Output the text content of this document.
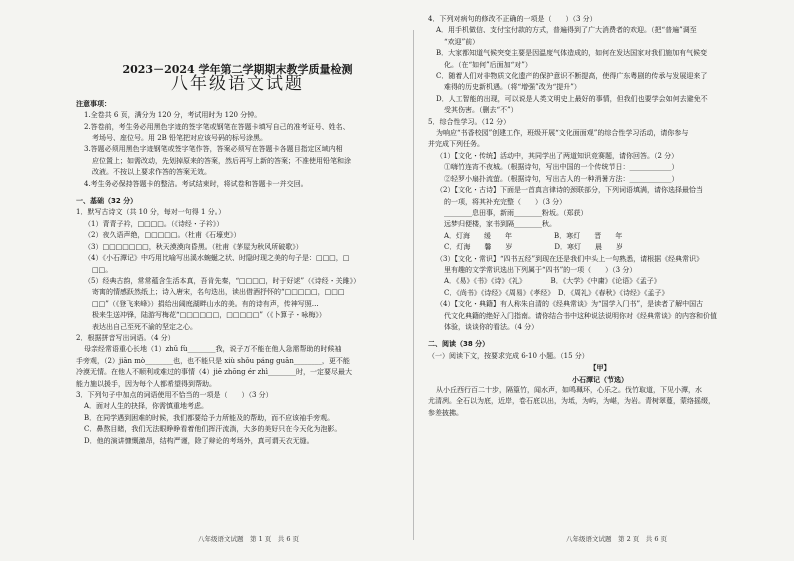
2023－2024 学年第二学期期末教学质量检测
八年级语文试题
注意事项：

1.全卷共 6 页，满分为 120 分，考试用时为 120 分钟。

2.答卷前，考生务必用黑色字迹的签字笔或钢笔在答题卡填写自己的准考证号、姓名、

考场号、座位号。用 2B 铅笔把对应该号码的标号涂黑。

3.答题必须用黑色字迹钢笔或签字笔作答，答案必须写在答题卡各题目指定区域内相

应位置上；如需改动，先划掉原来的答案，然后再写上新的答案；不准使用铅笔和涂

改液。不按以上要求作答的答案无效。

4.考生务必保持答题卡的整洁。考试结束时，将试卷和答题卡一并交回。

一、基础（32 分）

1．默写古诗文（共 10 分，每对一句得 1 分。）

（1）青青子衿，□□□□。（《诗经・子衿》）

（2）夜久语声绝，□□□□□。（杜甫《石壕吏》）

（3）□□□□□□□，秋天漠漠向昏黑。（杜甫《茅屋为秋风所破歌》）

（4）《小石潭记》中巧用比喻写出溪水蜿蜒之状、时隐时现之美的句子是：□□□，□

□□。

（5）经典古韵，常常蕴含生活本真，吾肯先秦，“□□□□，时于好逑”（《诗经・关雎》）

寄寓的情感跃然纸上；诗入唐宋，名句迭出，读出借酒抒怀的“□□□□□，□□□

□□”（《登飞来峰》）捐给出阔庭湖畔山水的美。有的诗有声，传神写照…

极来生送冲锋，陆游写梅花“□□□□□□，□□□□□”（《卜算子・咏梅》）

表达出自己至死不渝的坚定之心。

2．根据拼音写出词语。（4 分）

母亲经常语重心长地（1）zhǔ fù________我，说子万不能在他人急需帮助的时候袖

手旁观，（2）jiān mò________也，也不能只是 xiù shǒu páng guān________，更不能

冷漠无情。在他人不顺利或难过的事情（4）jiē zhōng ér zhì________时，一定要尽最大

能力施以援手，因为每个人都希望得到帮助。

3．下列句子中加点的词语使用不恰当的一项是（　　）（3 分）

A．面对人生的抉择，你需慎重地考虑。

B．在同学遇到困难的时候，我们都要给予力所能及的帮助，而不应该袖手旁观。

C．鼻熬目睹，我们无法眼睁睁看着他们挥汗流淌，大多的美好只在今天化为泡影。

D．他的演讲慷慨激昂，结构严谨，除了辩论的考场外，真可谓天衣无缝。

八年级语文试题　第 1 页　共 6 页

4．下列对病句的修改不正确的一项是（　　）（3 分）

A．用手机做信、支付宝付款的方式，普遍得到了广大消费者的欢迎。（把“普遍”调至

“欢迎”前）

B．大家都知道气候突变主要是因温度气体造成的，如何在发达国家对我们施加有气候变

化。（在“如何”后面加“对”）

C．随着人们对非物质文化遗产的保护意识不断提高，使得广东粤剧的传承与发展迎来了

难得的历史新机遇。（将“增强”改为“提升”）

D．人工智能的出现，可以说是人类文明史上最好的事情，但我们也要学会如何去避免不

受其伤害。（删去“不”）

5．综合性学习。（12 分）

为响应“书香校园”创建工作，班级开展“文化面面观”的综合性学习活动，请你参与

并完成下列任务。

（1）【文化・传统】活动中，其同学出了两道知识竞赛题，请你回答。（2 分）

①嗨竹连宵不夜城。（根据诗句，写出中国的一个传统节日：____________）

②轻罗小扇扑流萤。（根据诗句，写出古人的一种消暑方法：____________）

（2）【文化・古诗】下面是一首真言律诗的颈联部分，下列词语填满，请你选择最恰当

的一项，将其补充完整（　　）（3 分）

________息田事，新雨________粉坂。（郑获）

远梦归便楼，家书到隔________秋。

A．灯海　　缓　　年　　　　　　B．寒灯　　晋　　年

C．灯海　　馨　　岁　　　　　　D．寒灯　　晨　　岁

（3）【文化・常识】“四书五经”到现在还是我们中头上一句熟悉，请根据《经典常识》

里有趣的文学常识选出下列属于“四书”的一项（　　）（3 分）

A．《易》《书》《诗》《礼》　　　　B．《大学》《中庸》《论语》《孟子》

C．《尚书》《诗经》《周易》《孝经》　D．《周礼》《春秋》《诗经》《孟子》

（4）【文化・典籍】有人称朱自清的《经典常谈》为“国学入门书”，是读者了解中国古

代文化典籍的绝好入门指南。请你结合书中这种说法说明你对《经典常谈》的内容和价值

体验，谈谈你的看法。（4 分）

二、阅读（38 分）

（一）阅读下文，按要求完成 6-10 小题。（15 分）

【甲】

小石潭记（节选）

从小丘西行百二十步，隔篁竹，闻水声，如鸣珮环，心乐之。伐竹取道，下见小潭，水

尤清冽。全石以为底，近岸，卷石底以出，为坻，为屿，为嵁，为岩。青树翠蔓，蒙络摇缀，

参差披拂。

八年级语文试题　第 2 页　共 6 页
